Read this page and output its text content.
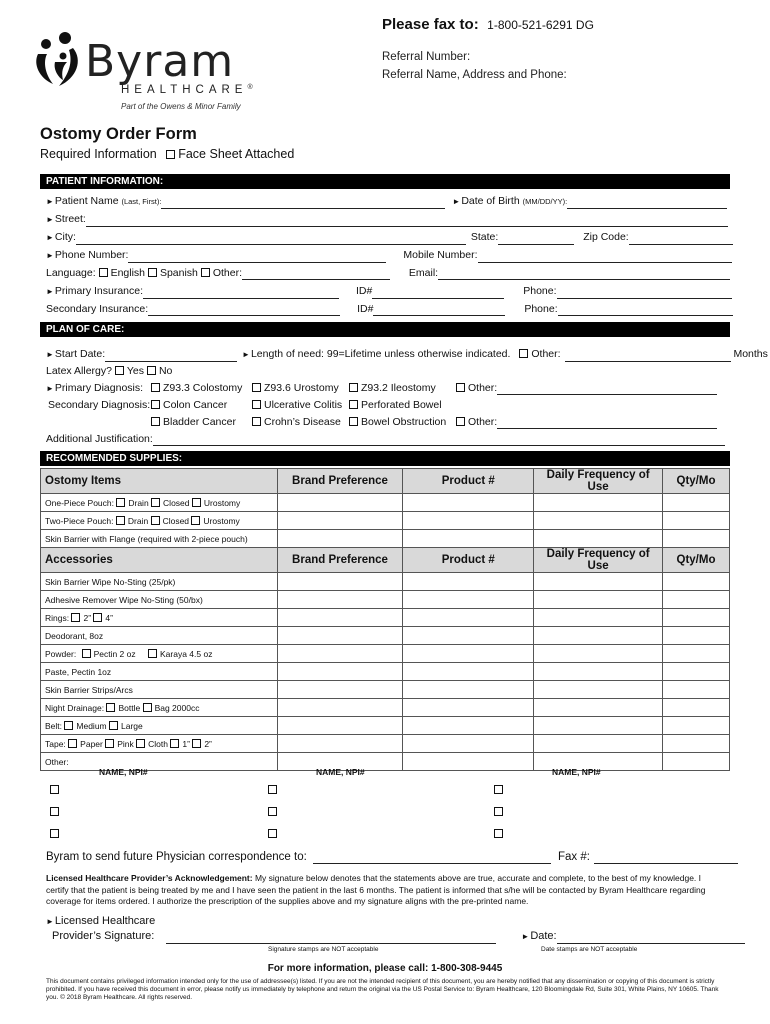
Byram
HEALTHCARE®
Part of the Owens & Minor Family
Please fax to: 1-800-521-6291 DG
Referral Number:
Referral Name, Address and Phone:
Ostomy Order Form
Required Information Face Sheet Attached
PATIENT INFORMATION:
►Patient Name (Last, First):	►Date of Birth (MM/DD/YY):
►Street:
►City:	State:	Zip Code:
►Phone Number:	Mobile Number:
Language: English Spanish Other:	Email:
►Primary Insurance:	ID#	Phone:
Secondary Insurance:	ID#	Phone:
PLAN OF CARE:
►Start Date:	►Length of need: 99=Lifetime unless otherwise indicated. Other:	Months
Latex Allergy? Yes No
►Primary Diagnosis:	Z93.3 Colostomy	Z93.6 Urostomy	Z93.2 Ileostomy	Other:
Secondary Diagnosis:	Colon Cancer	Ulcerative Colitis	Perforated Bowel
Bladder Cancer	Crohn’s Disease	Bowel Obstruction	Other:
Additional Justification:
RECOMMENDED SUPPLIES:
Ostomy Items	Brand Preference	Product #	Daily Frequency of Use	Qty/Mo
One-Piece Pouch: Drain Closed Urostomy				
Two-Piece Pouch: Drain Closed Urostomy				
Skin Barrier with Flange (required with 2-piece pouch)				
Accessories	Brand Preference	Product #	Daily Frequency of Use	Qty/Mo
Skin Barrier Wipe No-Sting (25/pk)				
Adhesive Remover Wipe No-Sting (50/bx)				
Rings: 2” 4”				
Deodorant, 8oz				
Powder: Pectin 2 oz Karaya 4.5 oz				
Paste, Pectin 1oz				
Skin Barrier Strips/Arcs				
Night Drainage: Bottle Bag 2000cc				
Belt: Medium Large				
Tape: Paper Pink Cloth 1” 2”				
Other:				
NAME, NPI#	NAME, NPI#	NAME, NPI#
Byram to send future Physician correspondence to:	Fax #:
Licensed Healthcare Provider’s Acknowledgement: My signature below denotes that the statements above are true, accurate and complete, to the best of my knowledge. I certify that the patient is being treated by me and I have seen the patient in the last 6 months. The patient is informed that s/he will be contacted by Byram Healthcare regarding coverage for items ordered. I authorize the prescription of the supplies above and my signature aligns with the pre-printed name.
►Licensed Healthcare
Provider’s Signature:	►Date:
Signature stamps are NOT acceptable	Date stamps are NOT acceptable
For more information, please call: 1-800-308-9445
This document contains privileged information intended only for the use of addressee(s) listed. If you are not the intended recipient of this document, you are hereby notified that any dissemination or copying of this document is strictly prohibited. If you have received this document in error, please notify us immediately by telephone and return the original via the US Postal Service to: Byram Healthcare, 120 Bloomingdale Rd, Suite 301, White Plains, NY 10605. Thank you. © 2018 Byram Healthcare. All rights reserved.
